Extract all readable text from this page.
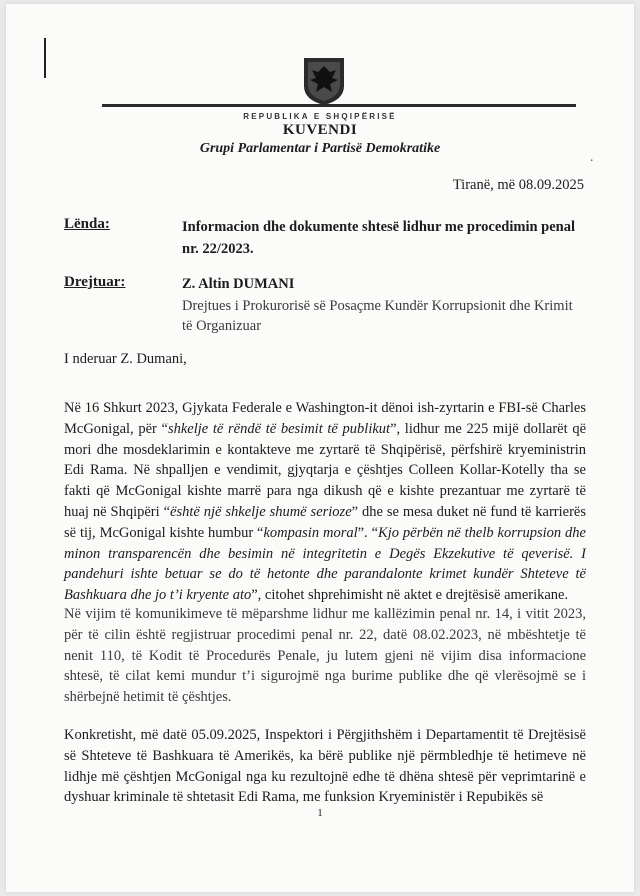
REPUBLIKA E SHQIPËRISË
KUVENDI
Grupi Parlamentar i Partisë Demokratike
·
Tiranë, më 08.09.2025
Lënda:	Informacion dhe dokumente shtesë lidhur me procedimin penal nr. 22/2023.
Drejtuar:	Z. Altin DUMANI
Drejtues i Prokurorisë së Posaçme Kundër Korrupsionit dhe Krimit të Organizuar
I nderuar Z. Dumani,
Në 16 Shkurt 2023, Gjykata Federale e Washington-it dënoi ish-zyrtarin e FBI-së Charles McGonigal, për “shkelje të rëndë të besimit të publikut”, lidhur me 225 mijë dollarët që mori dhe mosdeklarimin e kontakteve me zyrtarë të Shqipërisë, përfshirë kryeministrin Edi Rama. Në shpalljen e vendimit, gjyqtarja e çështjes Colleen Kollar-Kotelly tha se fakti që McGonigal kishte marrë para nga dikush që e kishte prezantuar me zyrtarë të huaj në Shqipëri “është një shkelje shumë serioze” dhe se mesa duket në fund të karrierës së tij, McGonigal kishte humbur “kompasin moral”. “Kjo përbën në thelb korrupsion dhe minon transparencën dhe besimin në integritetin e Degës Ekzekutive të qeverisë. I pandehuri ishte betuar se do të hetonte dhe parandalonte krimet kundër Shteteve të Bashkuara dhe jo t’i kryente ato”, citohet shprehimisht në aktet e drejtësisë amerikane.
Në vijim të komunikimeve të mëparshme lidhur me kallëzimin penal nr. 14, i vitit 2023, për të cilin është regjistruar procedimi penal nr. 22, datë 08.02.2023, në mbështetje të nenit 110, të Kodit të Procedurës Penale, ju lutem gjeni në vijim disa informacione shtesë, të cilat kemi mundur t’i sigurojmë nga burime publike dhe që vlerësojmë se i shërbejnë hetimit të çështjes.
Konkretisht, më datë 05.09.2025, Inspektori i Përgjithshëm i Departamentit të Drejtësisë së Shteteve të Bashkuara të Amerikës, ka bërë publike një përmbledhje të hetimeve në lidhje më çështjen McGonigal nga ku rezultojnë edhe të dhëna shtesë për veprimtarinë e dyshuar kriminale të shtetasit Edi Rama, me funksion Kryeministër i Repubikës së
1
